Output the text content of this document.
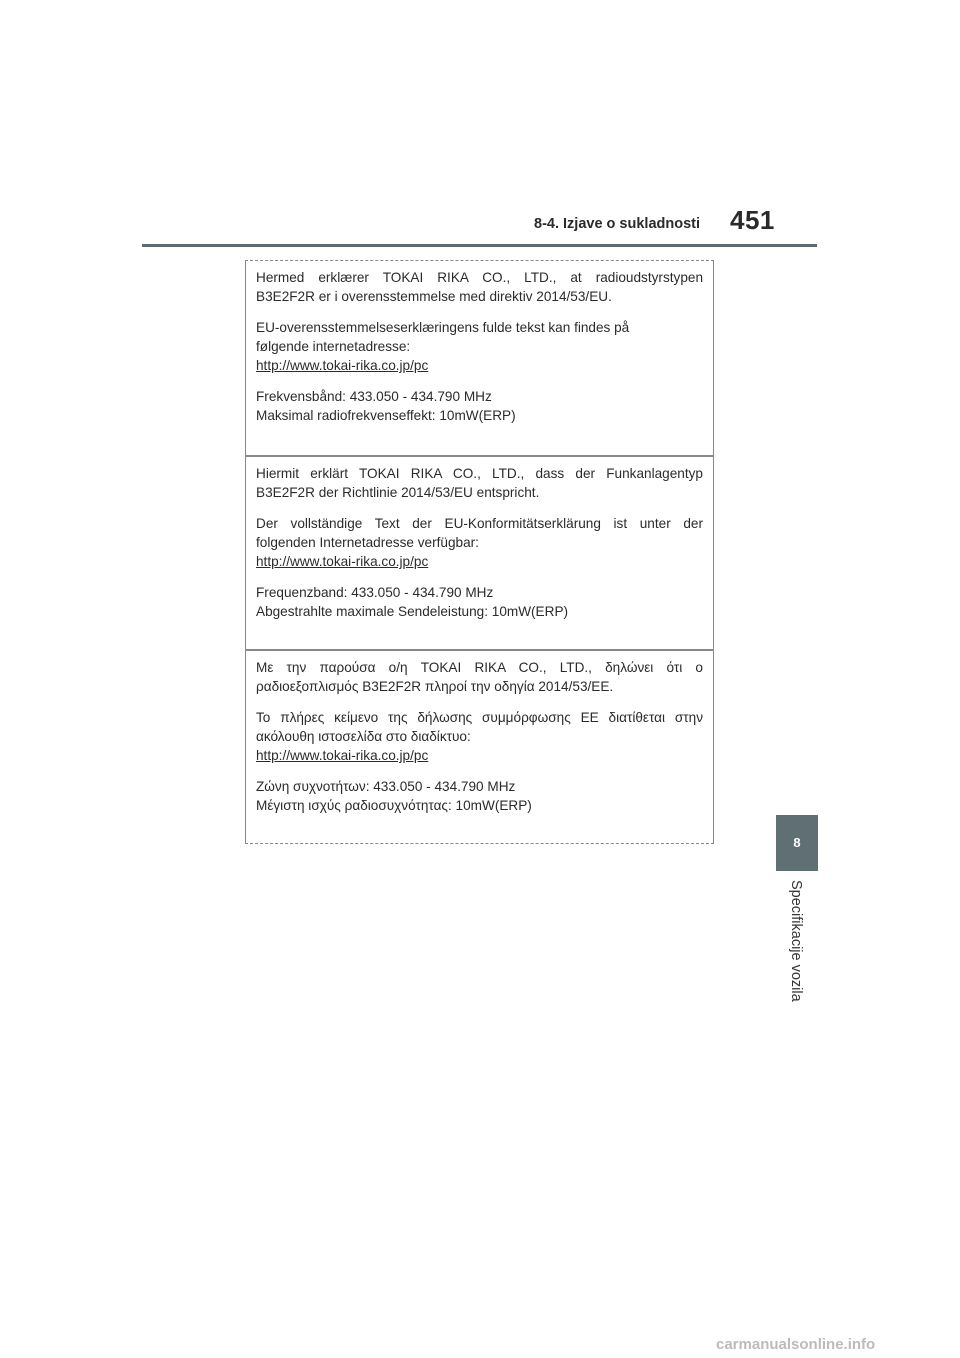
8-4. Izjave o sukladnosti 451

Hermed erklærer TOKAI RIKA CO., LTD., at radioudstyrstypen

B3E2F2R er i overensstemmelse med direktiv 2014/53/EU.

EU-overensstemmelseserklæringens fulde tekst kan findes på

følgende internetadresse:

http://www.tokai-rika.co.jp/pc

Frekvensbånd: 433.050 - 434.790 MHz

Maksimal radiofrekvenseffekt: 10mW(ERP)

Hiermit erklärt TOKAI RIKA CO., LTD., dass der Funkanlagentyp

B3E2F2R der Richtlinie 2014/53/EU entspricht.

Der vollständige Text der EU-Konformitätserklärung ist unter der

folgenden Internetadresse verfügbar:

http://www.tokai-rika.co.jp/pc

Frequenzband: 433.050 - 434.790 MHz

Abgestrahlte maximale Sendeleistung: 10mW(ERP)

Με την παρούσα ο/η TOKAI RIKA CO., LTD., δηλώνει ότι ο

ραδιοεξοπλισμός B3E2F2R πληροί την οδηγία 2014/53/ΕΕ.

Το πλήρες κείμενο της δήλωσης συμμόρφωσης ΕΕ διατίθεται στην

ακόλουθη ιστοσελίδα στο διαδίκτυο:

http://www.tokai-rika.co.jp/pc

Ζώνη συχνοτήτων: 433.050 - 434.790 MHz

Μέγιστη ισχύς ραδιοσυχνότητας: 10mW(ERP)

8
Specifikacije vozila
carmanualsonline.info
